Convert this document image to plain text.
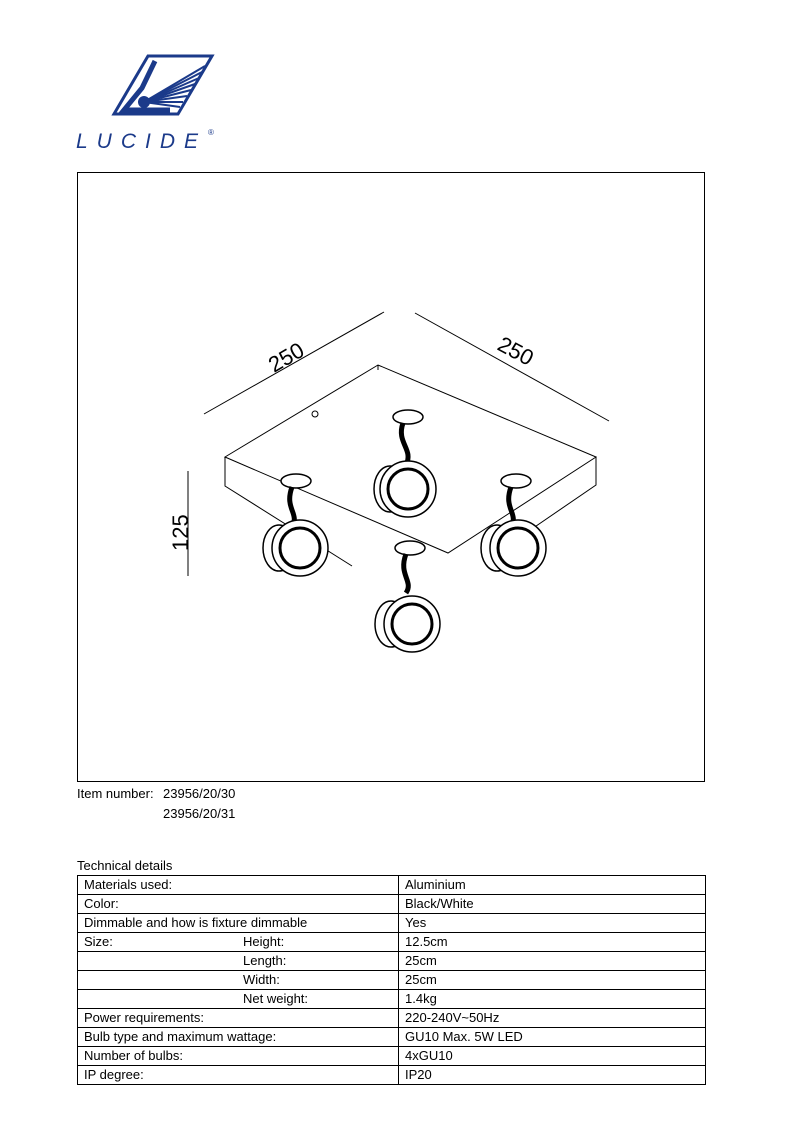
LUCIDE ®
250	250
125
Item number: 23956/20/30
23956/20/31
Technical details
Materials used:	Aluminium

Color:	Black/White

Dimmable and how is fixture dimmable	Yes

Size: Height:	12.5cm

Length:	25cm

Width:	25cm

Net weight:	1.4kg

Power requirements:	220-240V~50Hz

Bulb type and maximum wattage:	GU10 Max. 5W LED

Number of bulbs:	4xGU10

IP degree:	IP20
